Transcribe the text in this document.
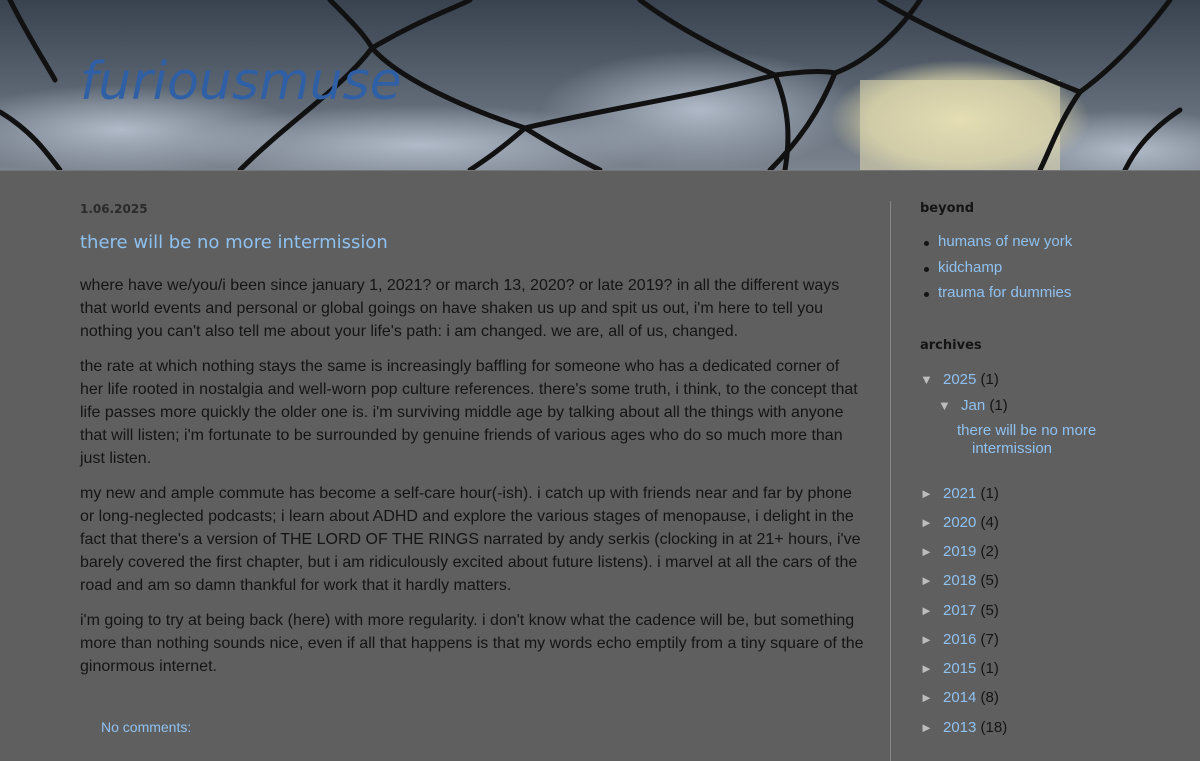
furiousmuse
1.06.2025
there will be no more intermission

where have we/you/i been since january 1, 2021? or march 13, 2020? or late 2019? in all the different ways that world events and personal or global goings on have shaken us up and spit us out, i'm here to tell you nothing you can't also tell me about your life's path: i am changed. we are, all of us, changed.

the rate at which nothing stays the same is increasingly baffling for someone who has a dedicated corner of her life rooted in nostalgia and well-worn pop culture references. there's some truth, i think, to the concept that life passes more quickly the older one is. i'm surviving middle age by talking about all the things with anyone that will listen; i'm fortunate to be surrounded by genuine friends of various ages who do so much more than just listen.

my new and ample commute has become a self-care hour(-ish). i catch up with friends near and far by phone or long-neglected podcasts; i learn about ADHD and explore the various stages of menopause, i delight in the fact that there's a version of THE LORD OF THE RINGS narrated by andy serkis (clocking in at 21+ hours, i've barely covered the first chapter, but i am ridiculously excited about future listens). i marvel at all the cars of the road and am so damn thankful for work that it hardly matters.

i'm going to try at being back (here) with more regularity. i don't know what the cadence will be, but something more than nothing sounds nice, even if all that happens is that my words echo emptily from a tiny square of the ginormous internet.

No comments:
beyond
humans of new york
kidchamp
trauma for dummies
archives
▼ 2025 (1)
▼ Jan (1)
there will be no more
intermission
► 2021 (1)
► 2020 (4)
► 2019 (2)
► 2018 (5)
► 2017 (5)
► 2016 (7)
► 2015 (1)
► 2014 (8)
► 2013 (18)
